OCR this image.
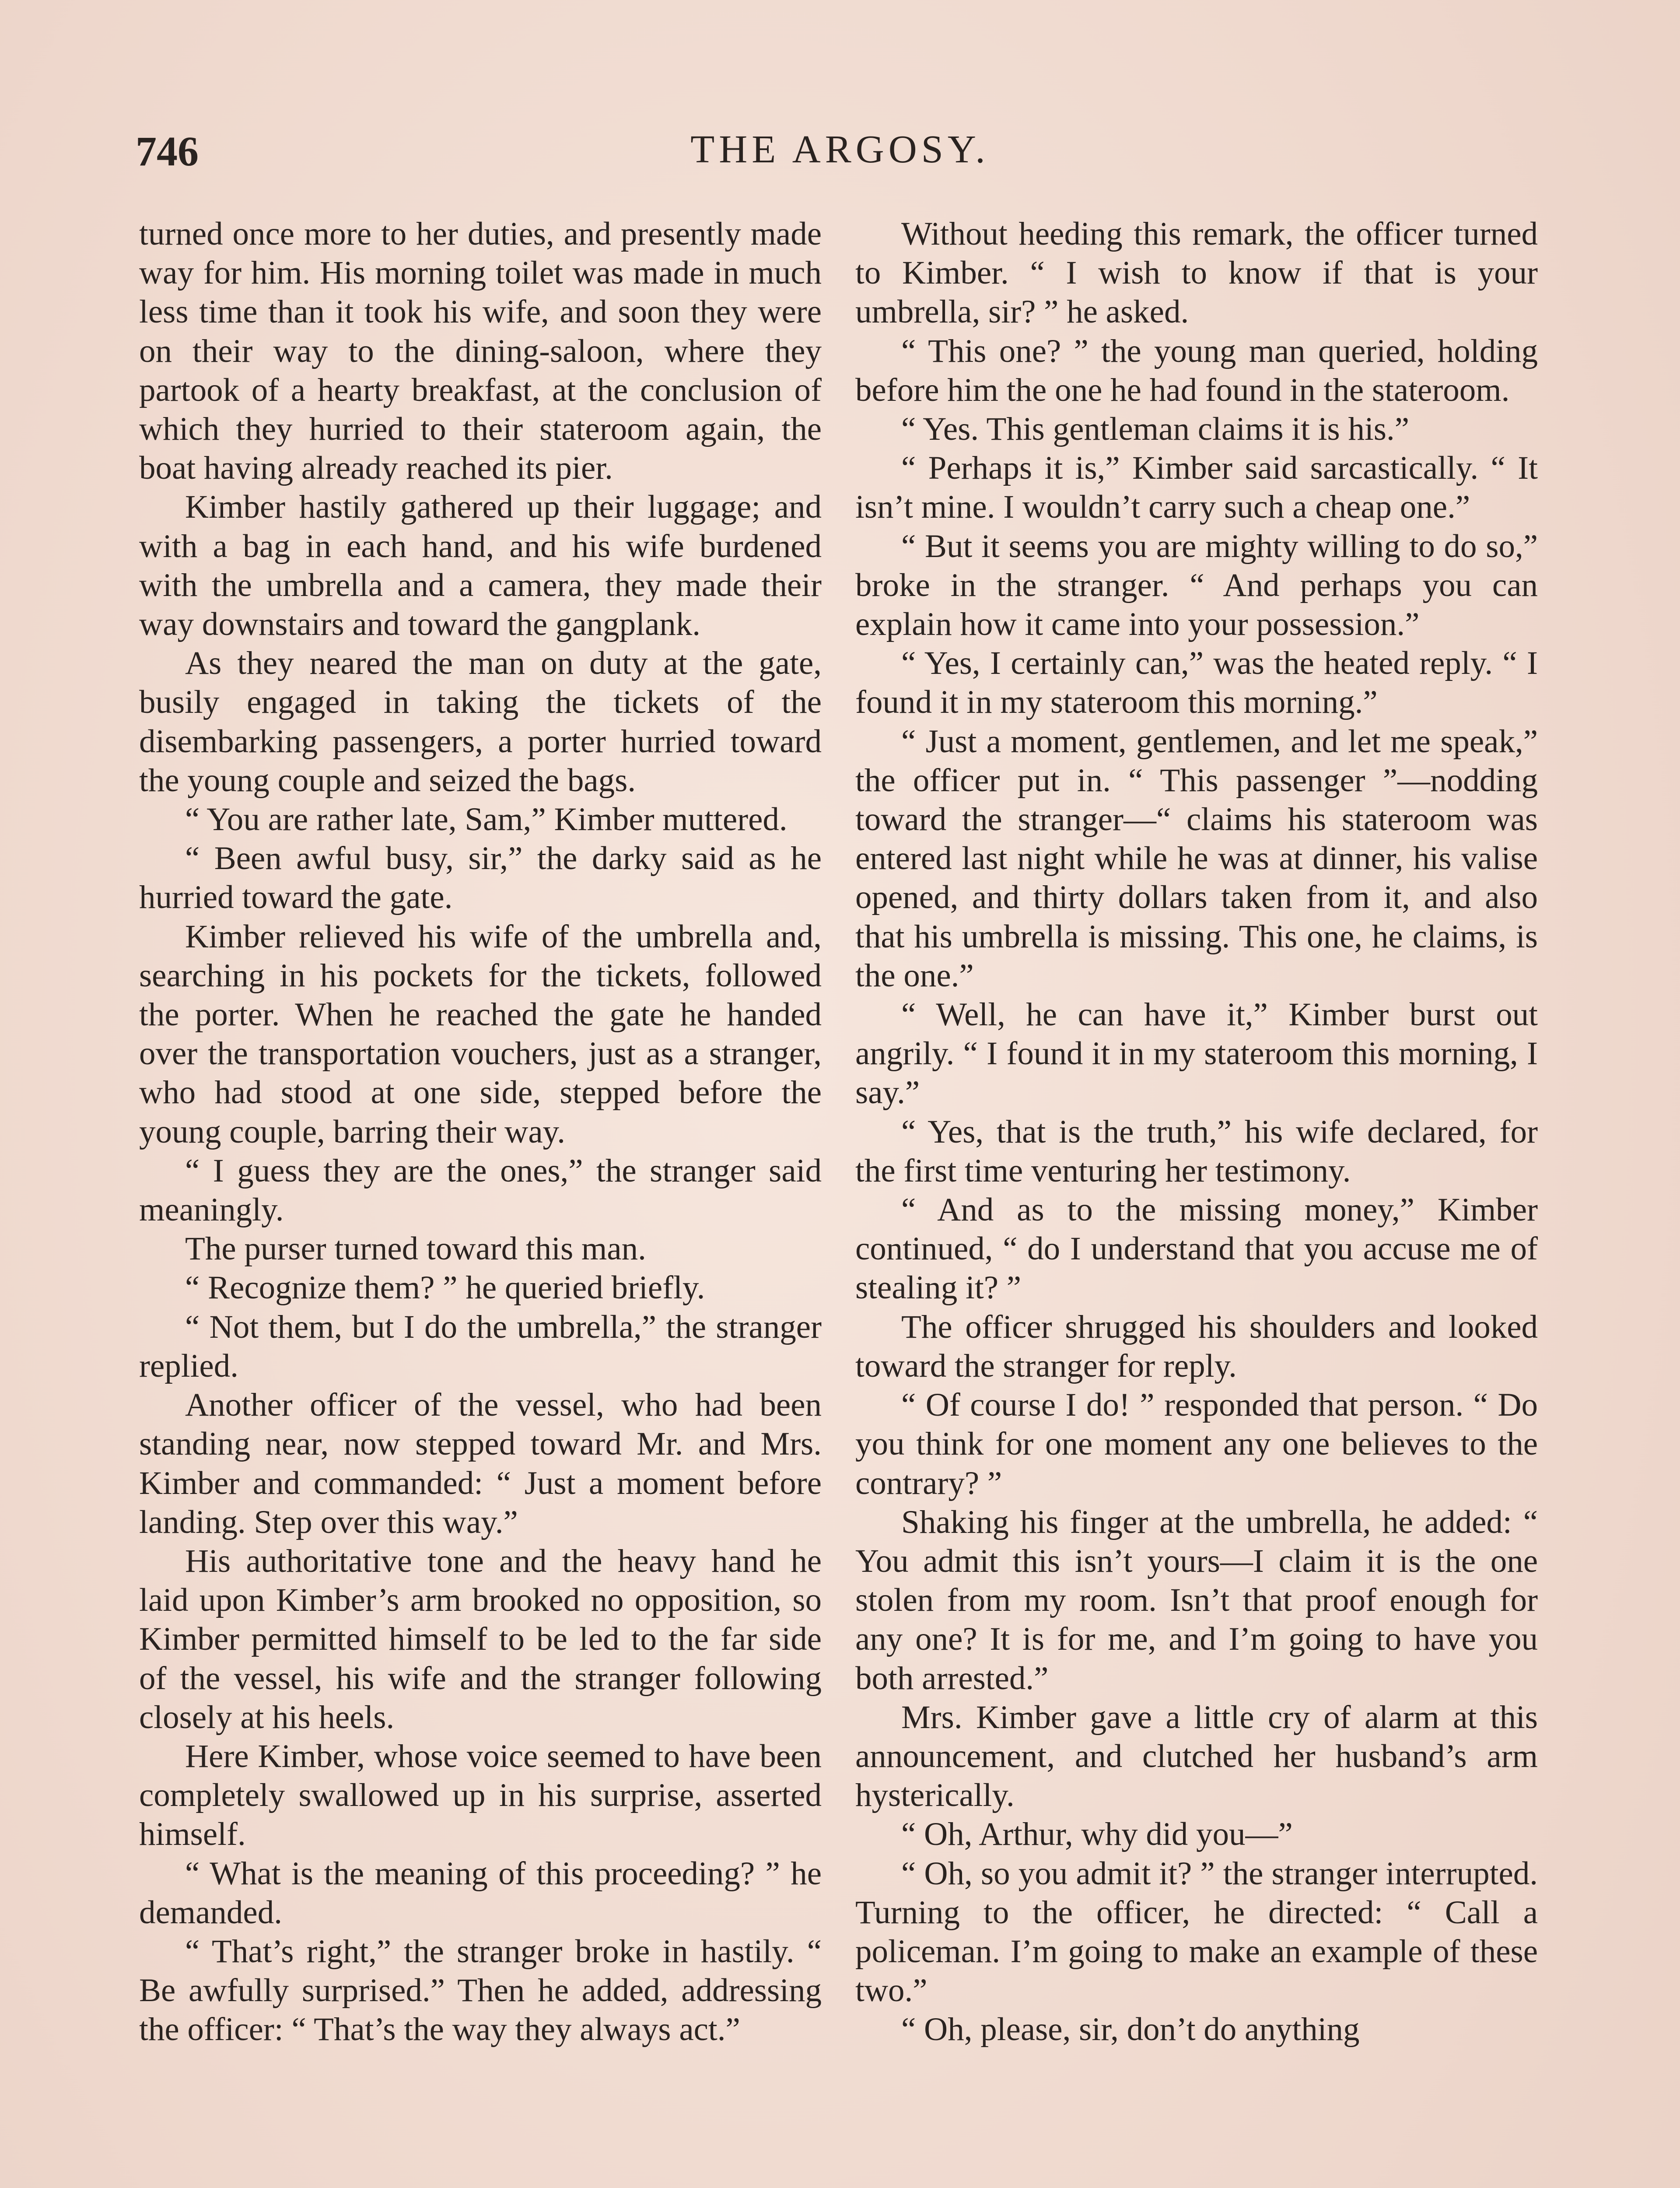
746	THE ARGOSY.

turned once more to her duties, and presently made way for him. His morning toilet was made in much less time than it took his wife, and soon they were on their way to the dining-saloon, where they partook of a hearty breakfast, at the conclusion of which they hurried to their stateroom again, the boat having already reached its pier.

Kimber hastily gathered up their luggage; and with a bag in each hand, and his wife burdened with the umbrella and a camera, they made their way downstairs and toward the gangplank.

As they neared the man on duty at the gate, busily engaged in taking the tickets of the disembarking passengers, a porter hurried toward the young couple and seized the bags.

“ You are rather late, Sam,” Kimber muttered.

“ Been awful busy, sir,” the darky said as he hurried toward the gate.

Kimber relieved his wife of the umbrella and, searching in his pockets for the tickets, followed the porter. When he reached the gate he handed over the transportation vouchers, just as a stranger, who had stood at one side, stepped before the young couple, barring their way.

“ I guess they are the ones,” the stranger said meaningly.

The purser turned toward this man.

“ Recognize them? ” he queried briefly.

“ Not them, but I do the umbrella,” the stranger replied.

Another officer of the vessel, who had been standing near, now stepped toward Mr. and Mrs. Kimber and commanded: “ Just a moment before landing. Step over this way.”

His authoritative tone and the heavy hand he laid upon Kimber’s arm brooked no opposition, so Kimber permitted himself to be led to the far side of the vessel, his wife and the stranger following closely at his heels.

Here Kimber, whose voice seemed to have been completely swallowed up in his surprise, asserted himself.

“ What is the meaning of this proceeding? ” he demanded.

“ That’s right,” the stranger broke in hastily. “ Be awfully surprised.” Then he added, addressing the officer: “ That’s the way they always act.”

Without heeding this remark, the officer turned to Kimber. “ I wish to know if that is your umbrella, sir? ” he asked.

“ This one? ” the young man queried, holding before him the one he had found in the stateroom.

“ Yes. This gentleman claims it is his.”

“ Perhaps it is,” Kimber said sarcastically. “ It isn’t mine. I wouldn’t carry such a cheap one.”

“ But it seems you are mighty willing to do so,” broke in the stranger. “ And perhaps you can explain how it came into your possession.”

“ Yes, I certainly can,” was the heated reply. “ I found it in my stateroom this morning.”

“ Just a moment, gentlemen, and let me speak,” the officer put in. “ This passenger ”—nodding toward the stranger—“ claims his stateroom was entered last night while he was at dinner, his valise opened, and thirty dollars taken from it, and also that his umbrella is missing. This one, he claims, is the one.”

“ Well, he can have it,” Kimber burst out angrily. “ I found it in my stateroom this morning, I say.”

“ Yes, that is the truth,” his wife declared, for the first time venturing her testimony.

“ And as to the missing money,” Kimber continued, “ do I understand that you accuse me of stealing it? ”

The officer shrugged his shoulders and looked toward the stranger for reply.

“ Of course I do! ” responded that person. “ Do you think for one moment any one believes to the contrary? ”

Shaking his finger at the umbrella, he added: “ You admit this isn’t yours—I claim it is the one stolen from my room. Isn’t that proof enough for any one? It is for me, and I’m going to have you both arrested.”

Mrs. Kimber gave a little cry of alarm at this announcement, and clutched her husband’s arm hysterically.

“ Oh, Arthur, why did you—”

“ Oh, so you admit it? ” the stranger interrupted. Turning to the officer, he directed: “ Call a policeman. I’m going to make an example of these two.”

“ Oh, please, sir, don’t do anything
